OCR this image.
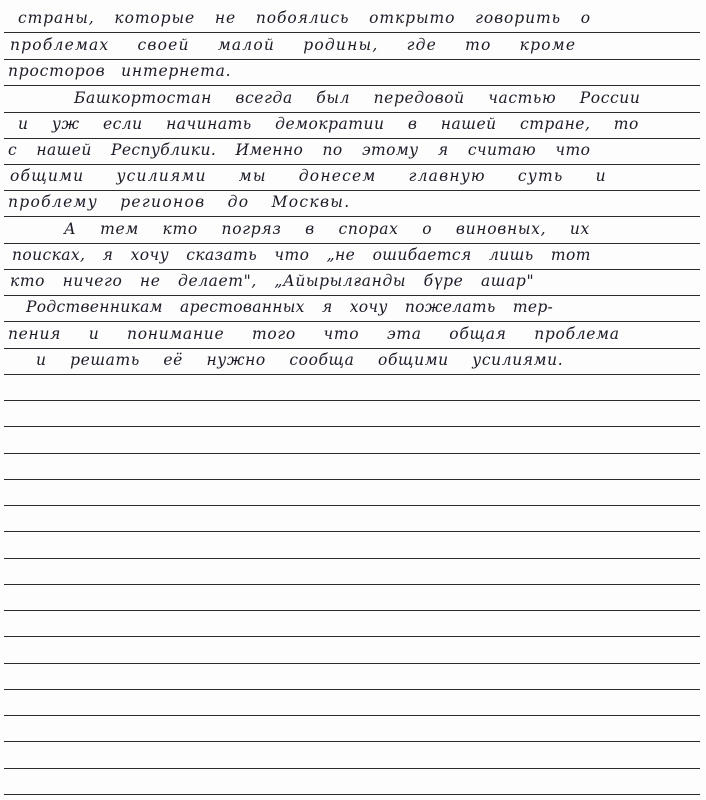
страны, которые не побоялись открыто говорить о
проблемах своей малой родины, где то кроме
просторов интернета.
Башкортостан всегда был передовой частью России
и уж если начинать демократии в нашей стране, то
с нашей Республики. Именно по этому я считаю что
общими усилиями мы донесем главную суть и
проблему регионов до Москвы.
А тем кто погряз в спорах о виновных, их
поисках, я хочу сказать что „не ошибается лишь тот
кто ничего не делает", „Айырылғанды бүре ашар"
Родственникам арестованных я хочу пожелать тер-
пения и понимание того что эта общая проблема
и решать её нужно сообща общими усилиями.
